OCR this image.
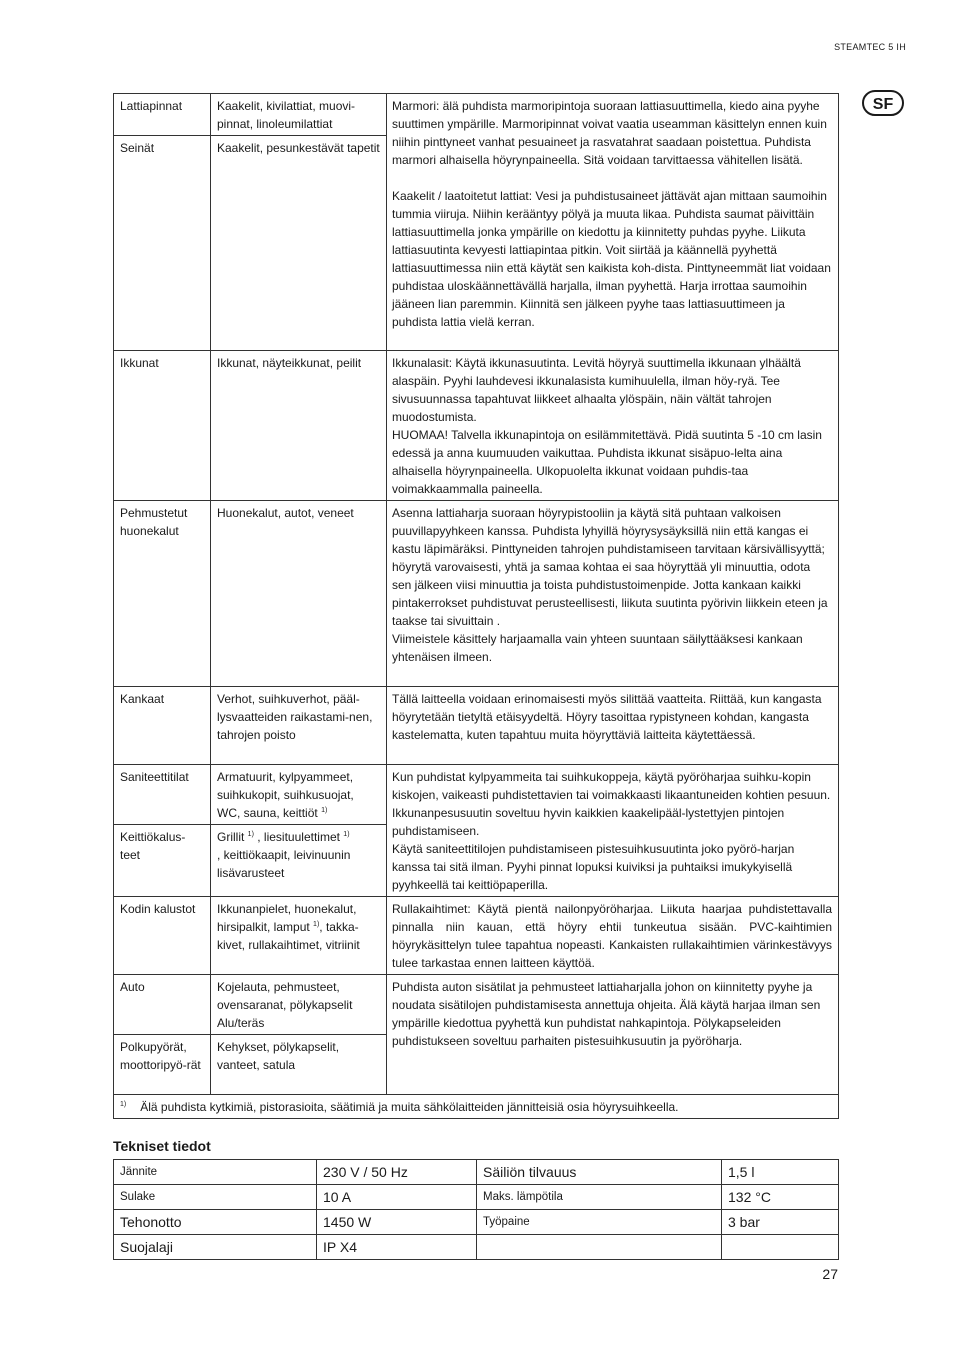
STEAMTEC 5 IH
SF
Lattiapinnat	Kaakelit, kivilattiat, muovi-pinnat, linoleumilattiat	Marmori: älä puhdista marmoripintoja suoraan lattiasuuttimella, kiedo aina pyyhe suuttimen ympärille. Marmoripinnat voivat vaatia useamman käsittelyn ennen kuin niihin pinttyneet vanhat pesuaineet ja rasvatahrat saadaan poistettua. Puhdista marmori alhaisella höyrynpaineella. Sitä voidaan tarvittaessa vähitellen lisätä.
Kaakelit / laatoitetut lattiat: Vesi ja puhdistusaineet jättävät ajan mittaan saumoihin tummia viiruja. Niihin kerääntyy pölyä ja muuta likaa. Puhdista saumat päivittäin lattiasuuttimella jonka ympärille on kiedottu ja kiinnitetty puhdas pyyhe. Liikuta lattiasuutinta kevyesti lattiapintaa pitkin. Voit siirtää ja käännellä pyyhettä lattiasuuttimessa niin että käytät sen kaikista koh-dista. Pinttyneemmät liat voidaan puhdistaa uloskäännettävällä harjalla, ilman pyyhettä. Harja irrottaa saumoihin jääneen lian paremmin. Kiinnitä sen jälkeen pyyhe taas lattiasuuttimeen ja puhdista lattia vielä kerran.

Seinät	Kaakelit, pesunkestävät tapetit	
Ikkunat	Ikkunat, näyteikkunat, peilit	Ikkunalasit: Käytä ikkunasuutinta. Levitä höyryä suuttimella ikkunaan ylhäältä alaspäin. Pyyhi lauhdevesi ikkunalasista kumihuulella, ilman höy-ryä. Tee sivusuunnassa tapahtuvat liikkeet alhaalta ylöspäin, näin vältät tahrojen muodostumista.
HUOMAA! Talvella ikkunapintoja on esilämmitettävä. Pidä suutinta 5 -10 cm lasin edessä ja anna kuumuuden vaikuttaa. Puhdista ikkunat sisäpuo-lelta aina alhaisella höyrynpaineella. Ulkopuolelta ikkunat voidaan puhdis-taa voimakkaammalla paineella.

Pehmustetut huonekalut	Huonekalut, autot, veneet	Asenna lattiaharja suoraan höyrypistooliin ja käytä sitä puhtaan valkoisen puuvillapyyhkeen kanssa. Puhdista lyhyillä höyrysysäyksillä niin että kangas ei kastu läpimäräksi. Pinttyneiden tahrojen puhdistamiseen tarvitaan kärsivällisyyttä; höyrytä varovaisesti, yhtä ja samaa kohtaa ei saa höyryttää yli minuuttia, odota sen jälkeen viisi minuuttia ja toista puhdistustoimenpide. Jotta kankaan kaikki pintakerrokset puhdistuvat perusteellisesti, liikuta suutinta pyörivin liikkein eteen ja taakse tai sivuittain .
Viimeistele käsittely harjaamalla vain yhteen suuntaan säilyttääksesi kankaan yhtenäisen ilmeen.

Kankaat	Verhot, suihkuverhot, pääl-lysvaatteiden raikastami-nen, tahrojen poisto	Tällä laitteella voidaan erinomaisesti myös silittää vaatteita. Riittää, kun kangasta höyrytetään tietyltä etäisyydeltä. Höyry tasoittaa rypistyneen kohdan, kangasta kastelematta, kuten tapahtuu muita höyryttäviä laitteita käytettäessä.

Saniteettitilat	Armatuurit, kylpyammeet, suihkukopit, suihkusuojat, WC, sauna, keittiöt $^{1)}$	Kun puhdistat kylpyammeita tai suihkukoppeja, käytä pyöröharjaa suihku-kopin kiskojen, vaikeasti puhdistettavien tai voimakkaasti likaantuneiden kohtien pesuun. Ikkunanpesusuutin soveltuu hyvin kaikkien kaakelipääl-lystettyjen pintojen puhdistamiseen.
Käytä saniteettitilojen puhdistamiseen pistesuihkusuutinta joko pyörö-harjan kanssa tai sitä ilman. Pyyhi pinnat lopuksi kuiviksi ja puhtaiksi imukykyisellä pyyhkeellä tai keittiöpaperilla.

Keittiökalus-teet	Grillit $^{1)}$ , liesituulettimet $^{1)}$
, keittiökaapit, leivinuunin lisävarusteet	
Kodin kalustot	Ikkunanpielet, huonekalut, hirsipalkit, lamput $^{1)}$, takka-kivet, rullakaihtimet, vitriinit	Rullakaihtimet: Käytä pientä nailonpyöröharjaa. Liikuta haarjaa puhdistettavalla pinnalla niin kauan, että höyry ehtii tunkeutua sisään. PVC-kaihtimien höyrykäsittelyn tulee tapahtua nopeasti. Kankaisten rullakaihtimien värinkestävyys tulee tarkastaa ennen laitteen käyttöä.

Auto	Kojelauta, pehmusteet, ovensaranat, pölykapselit Alu/teräs	Puhdista auton sisätilat ja pehmusteet lattiaharjalla johon on kiinnitetty pyyhe ja noudata sisätilojen puhdistamisesta annettuja ohjeita. Älä käytä harjaa ilman sen ympärille kiedottua pyyhettä kun puhdistat nahkapintoja. Pölykapseleiden puhdistukseen soveltuu parhaiten pistesuihkusuutin ja pyöröharja.

Polkupyörät, moottoripyö-rät	Kehykset, pölykapselit, vanteet, satula	
$^{1)}$ Älä puhdista kytkimiä, pistorasioita, säätimiä ja muita sähkölaitteiden jännitteisiä osia höyrysuihkeella.		
Tekniset tiedot
Jännite	230 V / 50 Hz	Säiliön tilvauus	1,5 l
Sulake	10 A	Maks. lämpötila	132 °C
Tehonotto	1450 W	Työpaine	3 bar
Suojalaji	IP X4		
27
